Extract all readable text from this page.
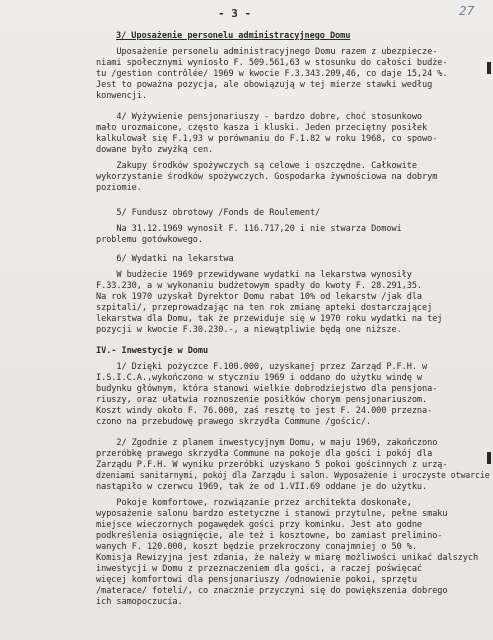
- 3 -	27
3/ Uposażenie personelu administracyjnego Domu
Uposażenie personelu administracyjnego Domu razem z ubezpiecze-
niami społecznymi wyniosło F. 509.561,63 w stosunku do całości budże-
tu /gestion contrôlée/ 1969 w kwocie F.3.343.209,46, co daje 15,24 %.
Jest to poważna pozycja, ale obowiązują w tej mierze stawki według
konwencji.
4/ Wyżywienie pensjonariuszy - bardzo dobre, choć stosunkowo
mało urozmaicone, często kasza i kluski. Jeden przeciętny posiłek
kalkulował się F.1,93 w porównaniu do F.1.82 w roku 1968, co spowo-
dowane było zwyżką cen.
Zakupy środków spożywczych są celowe i oszczędne. Całkowite
wykorzystanie środków spożywczych. Gospodarka żywnościowa na dobrym
poziomie.
5/ Fundusz obrotowy /Fonds de Roulement/
Na 31.12.1969 wynosił F. 116.717,20 i nie stwarza Domowi
problemu gotówkowego.
6/ Wydatki na lekarstwa
W budżecie 1969 przewidywane wydatki na lekarstwa wynosiły
F.33.230, a w wykonaniu budżetowym spadły do kwoty F. 28.291,35.
Na rok 1970 uzyskał Dyrektor Domu rabat 10% od lekarstw /jak dla
szpitali/, przeprowadzając na ten rok zmianę apteki dostarczającej
lekarstwa dla Domu, tak że przewiduje się w 1970 roku wydatki na tej
pozycji w kwocie F.30.230.-, a niewątpliwie będą one niższe.
IV.- Inwestycje w Domu
1/ Dzięki pożyczce F.100.000, uzyskanej przez Zarząd P.F.H. w
I.S.I.C.A.,wykończono w styczniu 1969 i oddano do użytku windę w
budynku głównym, która stanowi wielkie dobrodziejstwo dla pensjona-
riuszy, oraz ułatwia roznoszenie posiłków chorym pensjonariuszom.
Koszt windy około F. 76.000, zaś resztę to jest F. 24.000 przezna-
czono na przebudowę prawego skrzydła Commune /gościc/.
2/ Zgodnie z planem inwestycyjnym Domu, w maju 1969, zakończono
przeróbkę prawego skrzydła Commune na pokoje dla gości i pokój dla
Zarządu P.F.H. W wyniku przeróbki uzyskano 5 pokoi gościnnych z urzą-
dzeniami sanitarnymi, pokój dla Zarządu i salon. Wyposażenie i uroczyste otwarcie
nastąpiło w czerwcu 1969, tak że od 1.VII.69 oddane je do użytku.
Pokoje komfortowe, rozwiązanie przez architekta doskonałe,
wyposażenie salonu bardzo estetyczne i stanowi przytulne, pełne smaku
miejsce wieczornych pogawędek gości przy kominku. Jest ato godne
podkreślenia osiągnięcie, ale też i kosztowne, bo zamiast prelimino-
wanych F. 120.000, koszt będzie przekroczony conajmniej o 50 %.
Komisja Rewizyjna jest zdania, że należy w miarę możliwości unikać dalszych
inwestycji w Domu z przeznaczeniem dla gości, a raczej poświęcać
więcej komfortowi dla pensjonariuszy /odnowienie pokoi, sprzętu
/materace/ foteli/, co znacznie przyczyni się do powiększenia dobrego
ich samopoczucia.
